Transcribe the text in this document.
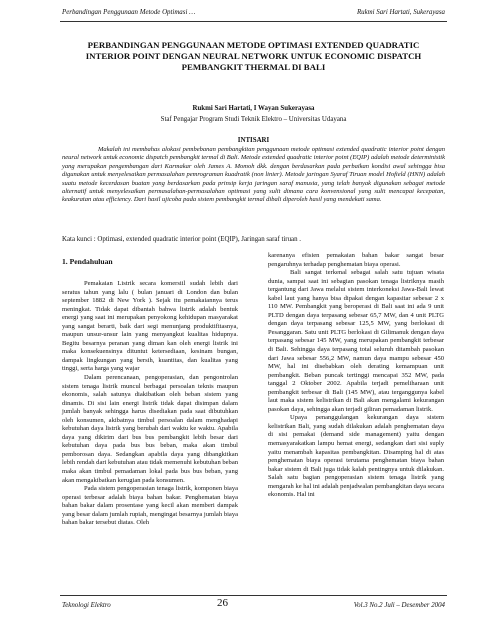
Perbandingan Penggunaan Metode Optimasi …	Rukmi Sari Hartati, Sukerayasa
PERBANDINGAN PENGGUNAAN METODE OPTIMASI EXTENDED QUADRATIC
INTERIOR POINT DENGAN NEURAL NETWORK UNTUK ECONOMIC DISPATCH
PEMBANGKIT THERMAL DI BALI
Rukmi Sari Hartati, I Wayan Sukerayasa
Staf Pengajar Program Studi Teknik Elektro – Universitas Udayana
INTISARI

Makalah ini membahas alokasi pembebanan pembangkitan penggunaan metode optimasi extended quadratic interior point dengan neural network untuk economic dispatch pembangkit termal di Bali. Metode extended quadratic interior point (EQIP) adalah metode deterministik yang merupakan pengembangan dari Karmakar oleh James A. Momoh dkk. dengan berdasarkan pada perbaikan kondisi awal sehingga bisa digunakan untuk menyelesaikan permasalahan pemrograman kuadratik (non linier). Metode jaringan Syaraf Tiruan model Hofield (HNN) adalah suatu metode kecerdasan buatan yang berdasarkan pada prinsip kerja jaringan saraf manusia, yang telah banyak digunakan sebagai metode alternatif untuk menyelesaikan permasalahan-permasalahan optimasi yang sulit dimana cara konvensional yang sulit mencapai kecepatan, keakuratan atau efficiency. Dari hasil ujicoba pada sistem pembangkit termal dibali diperoleh hasil yang mendekati sama.

Kata kunci : Optimasi, extended quadratic interior point (EQIP), Jaringan saraf tiruan .
1. Pendahuluan

Pemakaian Listrik secara komersiil sudah lebih dari seratus tahun yang lalu ( bulan januari di London dan bulan september 1882 di New York ). Sejak itu pemakaiannya terus meningkat. Tidak dapat dibantah bahwa listrik adalah bentuk energi yang saat ini merupakan penyokong kehidupan masyarakat yang sangat berarti, baik dari segi menunjang produktifitasnya, maupun unsur-unsur lain yang menyangkut kualitas hidupnya. Begitu besarnya peranan yang diman kan oleh energi listrik ini maka konsekuensinya dituntut ketersediaan, kesinam bungan, dampak lingkungan yang bersih, kuantitas, dan kualitas yang tinggi, serta harga yang wajar

Dalam perencanaan, pengoperasian, dan pengontrolan sistem tenaga listrik muncul berbagai persoalan teknis maupun ekonomis, salah satunya diakibatkan oleh beban sistem yang dinamis. Di sisi lain energi listrik tidak dapat disimpan dalam jumlah banyak sehingga harus disediakan pada saat dibutuhkan oleh konsumen, akibatnya timbul persoalan dalam menghadapi kebutuhan daya listrik yang berubah dari waktu ke waktu. Apabila daya yang dikirim dari bus bus pembangkit lebih besar dari kebutuhan daya pada bus bus beban, maka akan timbul pemborosan daya. Sedangkan apabila daya yang dibangkitkan lebih rendah dari kebutuhan atau tidak memenuhi kebutuhan beban maka akan timbul pemadaman lokal pada bus bus beban, yang akan mengakibatkan kerugian pada konsumen.

Pada sistem pengoperasian tenaga listrik, komponen biaya operasi terbesar adalah biaya bahan bakar. Penghematan biaya bahan bakar dalam prosentase yang kecil akan memberi dampak yang besar dalam jumlah rupiah, mengingat besarnya jumlah biaya bahan bakar tersebut diatas. Oleh

karenanya efisien pemakaian bahan bakar sangat besar pengaruhnya terhadap penghematan biaya operasi.

Bali sangat terkenal sebagai salah satu tujuan wisata dunia, sampai saat ini sebagian pasokan tenaga listriknya masih tergantung dari Jawa melalui sistem interkoneksi Jawa-Bali lewat kabel laut yang hanya bisa dipakai dengan kapasitar sebesar 2 x 110 MW. Pembangkit yang beroperasi di Bali saat ini ada 9 unit PLTD dengan daya terpasang sebesar 65,7 MW, dan 4 unit PLTG dengan daya terpasang sebesar 125,5 MW, yang berlokasi di Pesanggaran. Satu unit PLTG berlokasi di Gilimanuk dengan daya terpasang sebesar 145 MW, yang merupakan pembangkit terbesar di Bali. Sehingga daya terpasang total seluruh ditambah pasokan dari Jawa sebesar 556,2 MW, namun daya mampu sebesar 450 MW, hal ini disebabkan oleh derating kemampuan unit pembangkit. Beban puncak tertinggi mencapai 352 MW, pada tanggal 2 Oktober 2002. Apabila terjadi pemeliharaan unit pembangkit terbesar di Bali (145 MW), atau terganggunya kabel laut maka sistem kelistrikan di Bali akan mengalami kekurangan pasokan daya, sehingga akan terjadi giliran pemadaman listrik.

Upaya penanggulangan kekurangan daya sistem kelistrikan Bali, yang sudah dilakukan adalah penghematan daya di sisi pemakai (demand side management) yaitu dengan memasyarakatkan lampu hemat energi, sedangkan dari sisi suply yaitu menambah kapasitas pembangkitan. Disamping hal di atas penghematan biaya operasi terutama penghematan biaya bahan bakar sistem di Bali juga tidak kalah pentingnya untuk dilakukan. Salah satu bagian pengoperasian sistem tenaga listrik yang mengarah ke hal ini adalah penjadwalan pembangkitan daya secara ekonomis. Hal ini

Teknologi Elektro	26	Vol.3 No.2 Juli – Desember 2004
